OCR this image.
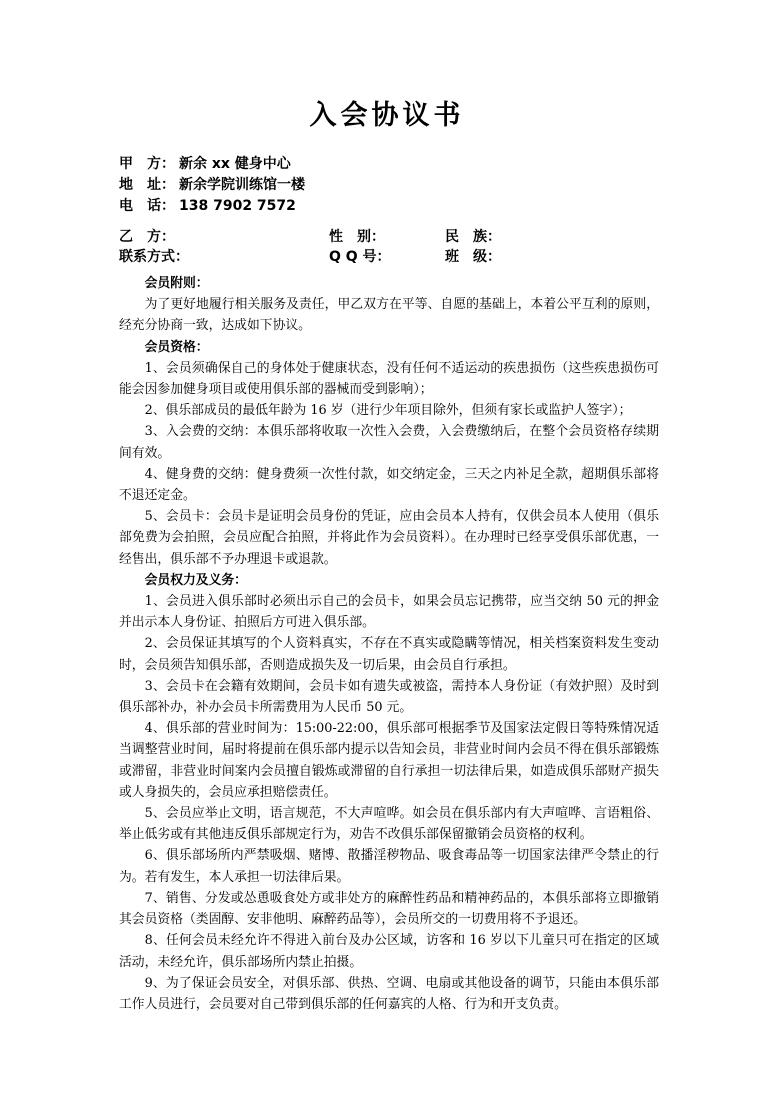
入会协议书
甲　方： 新余 xx 健身中心
地　址： 新余学院训练馆一楼
电　话： 138 7902 7572
乙　方：	性　别：	民　族：
联系方式：	Q Q 号：	班　级：

会员附则：

为了更好地履行相关服务及责任，甲乙双方在平等、自愿的基础上，本着公平互利的原则，经充分协商一致，达成如下协议。

会员资格：

1、会员须确保自己的身体处于健康状态，没有任何不适运动的疾患损伤（这些疾患损伤可能会因参加健身项目或使用俱乐部的器械而受到影响）；

2、俱乐部成员的最低年龄为 16 岁（进行少年项目除外，但须有家长或监护人签字）；

3、入会费的交纳：本俱乐部将收取一次性入会费，入会费缴纳后，在整个会员资格存续期间有效。

4、健身费的交纳：健身费须一次性付款，如交纳定金，三天之内补足全款，超期俱乐部将不退还定金。

5、会员卡：会员卡是证明会员身份的凭证，应由会员本人持有，仅供会员本人使用（俱乐部免费为会拍照，会员应配合拍照，并将此作为会员资料）。在办理时已经享受俱乐部优惠，一经售出，俱乐部不予办理退卡或退款。

会员权力及义务：

1、会员进入俱乐部时必须出示自己的会员卡，如果会员忘记携带，应当交纳 50 元的押金并出示本人身份证、拍照后方可进入俱乐部。

2、会员保证其填写的个人资料真实，不存在不真实或隐瞒等情况，相关档案资料发生变动时，会员须告知俱乐部，否则造成损失及一切后果，由会员自行承担。

3、会员卡在会籍有效期间，会员卡如有遗失或被盗，需持本人身份证（有效护照）及时到俱乐部补办，补办会员卡所需费用为人民币 50 元。

4、俱乐部的营业时间为：15:00-22:00，俱乐部可根据季节及国家法定假日等特殊情况适当调整营业时间，届时将提前在俱乐部内提示以告知会员，非营业时间内会员不得在俱乐部锻炼或滞留，非营业时间案内会员擅自锻炼或滞留的自行承担一切法律后果，如造成俱乐部财产损失或人身损失的，会员应承担赔偿责任。

5、会员应举止文明，语言规范，不大声喧哗。如会员在俱乐部内有大声喧哗、言语粗俗、举止低劣或有其他违反俱乐部规定行为，劝告不改俱乐部保留撤销会员资格的权利。

6、俱乐部场所内严禁吸烟、赌博、散播淫秽物品、吸食毒品等一切国家法律严令禁止的行为。若有发生，本人承担一切法律后果。

7、销售、分发或怂恿吸食处方或非处方的麻醉性药品和精神药品的，本俱乐部将立即撤销其会员资格（类固醇、安非他明、麻醉药品等），会员所交的一切费用将不予退还。

8、任何会员未经允许不得进入前台及办公区域，访客和 16 岁以下儿童只可在指定的区域活动，未经允许，俱乐部场所内禁止拍摄。

9、为了保证会员安全，对俱乐部、供热、空调、电扇或其他设备的调节，只能由本俱乐部工作人员进行，会员要对自己带到俱乐部的任何嘉宾的人格、行为和开支负责。
